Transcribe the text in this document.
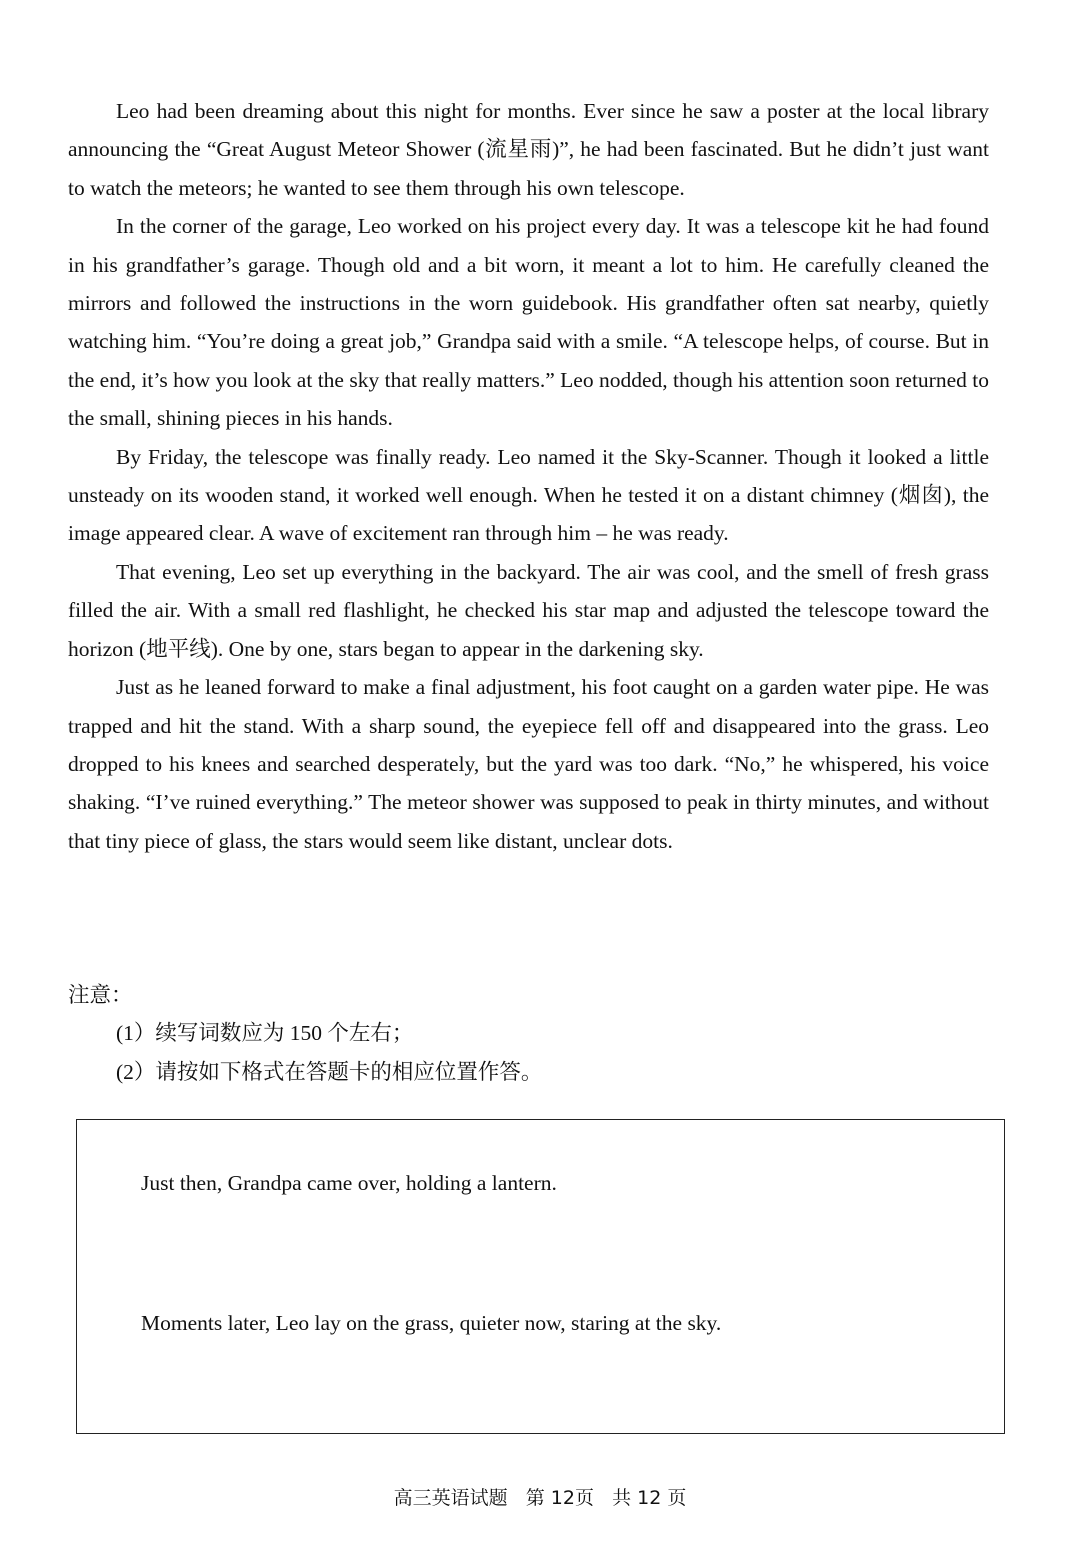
Leo had been dreaming about this night for months. Ever since he saw a poster at the local library announcing the “Great August Meteor Shower (流星雨)”, he had been fascinated. But he didn’t just want to watch the meteors; he wanted to see them through his own telescope.

In the corner of the garage, Leo worked on his project every day. It was a telescope kit he had found in his grandfather’s garage. Though old and a bit worn, it meant a lot to him. He carefully cleaned the mirrors and followed the instructions in the worn guidebook. His grandfather often sat nearby, quietly watching him. “You’re doing a great job,” Grandpa said with a smile. “A telescope helps, of course. But in the end, it’s how you look at the sky that really matters.” Leo nodded, though his attention soon returned to the small, shining pieces in his hands.

By Friday, the telescope was finally ready. Leo named it the Sky-Scanner. Though it looked a little unsteady on its wooden stand, it worked well enough. When he tested it on a distant chimney (烟囱), the image appeared clear. A wave of excitement ran through him – he was ready.

That evening, Leo set up everything in the backyard. The air was cool, and the smell of fresh grass filled the air. With a small red flashlight, he checked his star map and adjusted the telescope toward the horizon (地平线). One by one, stars began to appear in the darkening sky.

Just as he leaned forward to make a final adjustment, his foot caught on a garden water pipe. He was trapped and hit the stand. With a sharp sound, the eyepiece fell off and disappeared into the grass. Leo dropped to his knees and searched desperately, but the yard was too dark. “No,” he whispered, his voice shaking. “I’ve ruined everything.” The meteor shower was supposed to peak in thirty minutes, and without that tiny piece of glass, the stars would seem like distant, unclear dots.

注意：

(1）续写词数应为 150 个左右；

(2）请按如下格式在答题卡的相应位置作答。

Just then, Grandpa came over, holding a lantern.

Moments later, Leo lay on the grass, quieter now, staring at the sky.

高三英语试题   第 12页   共 12 页
